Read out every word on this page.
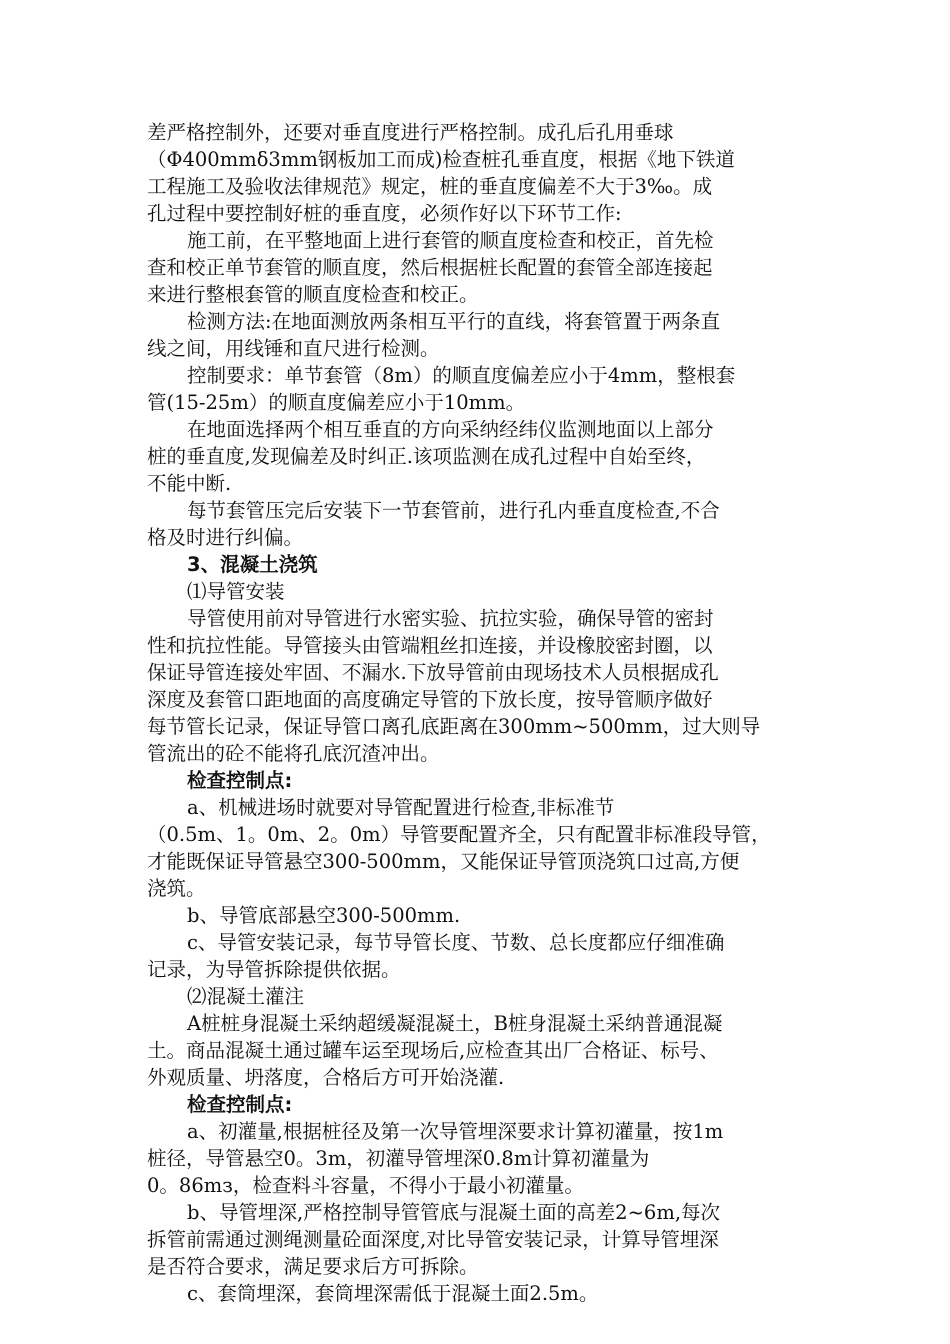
差严格控制外，还要对垂直度进行严格控制。成孔后孔用垂球
（Φ400mmδ3mm钢板加工而成)检查桩孔垂直度，根据《地下铁道
工程施工及验收法律规范》规定，桩的垂直度偏差不大于3‰。成
孔过程中要控制好桩的垂直度，必须作好以下环节工作:
施工前，在平整地面上进行套管的顺直度检查和校正，首先检
查和校正单节套管的顺直度，然后根据桩长配置的套管全部连接起
来进行整根套管的顺直度检查和校正。
检测方法:在地面测放两条相互平行的直线，将套管置于两条直
线之间，用线锤和直尺进行检测。
控制要求：单节套管（8m）的顺直度偏差应小于4mm，整根套
管(15-25m）的顺直度偏差应小于10mm。
在地面选择两个相互垂直的方向采纳经纬仪监测地面以上部分
桩的垂直度,发现偏差及时纠正.该项监测在成孔过程中自始至终，
不能中断.
每节套管压完后安装下一节套管前，进行孔内垂直度检查,不合
格及时进行纠偏。
3、混凝土浇筑
⑴导管安装
导管使用前对导管进行水密实验、抗拉实验，确保导管的密封
性和抗拉性能。导管接头由管端粗丝扣连接，并设橡胶密封圈，以
保证导管连接处牢固、不漏水.下放导管前由现场技术人员根据成孔
深度及套管口距地面的高度确定导管的下放长度，按导管顺序做好
每节管长记录，保证导管口离孔底距离在300mm~500mm，过大则导
管流出的砼不能将孔底沉渣冲出。
检查控制点:
a、机械进场时就要对导管配置进行检查,非标准节
（0.5m、1。0m、2。0m）导管要配置齐全，只有配置非标准段导管，
才能既保证导管悬空300-500mm，又能保证导管顶浇筑口过高,方便
浇筑。
b、导管底部悬空300-500mm.
c、导管安装记录，每节导管长度、节数、总长度都应仔细准确
记录，为导管拆除提供依据。
⑵混凝土灌注
A桩桩身混凝土采纳超缓凝混凝土，B桩身混凝土采纳普通混凝
土。商品混凝土通过罐车运至现场后,应检查其出厂合格证、标号、
外观质量、坍落度，合格后方可开始浇灌.
检查控制点:
a、初灌量,根据桩径及第一次导管埋深要求计算初灌量，按1m
桩径，导管悬空0。3m，初灌导管埋深0.8m计算初灌量为
0。86mз，检查料斗容量，不得小于最小初灌量。
b、导管埋深,严格控制导管管底与混凝土面的高差2~6m,每次
拆管前需通过测绳测量砼面深度,对比导管安装记录，计算导管埋深
是否符合要求，满足要求后方可拆除。
c、套筒埋深，套筒埋深需低于混凝土面2.5m。
